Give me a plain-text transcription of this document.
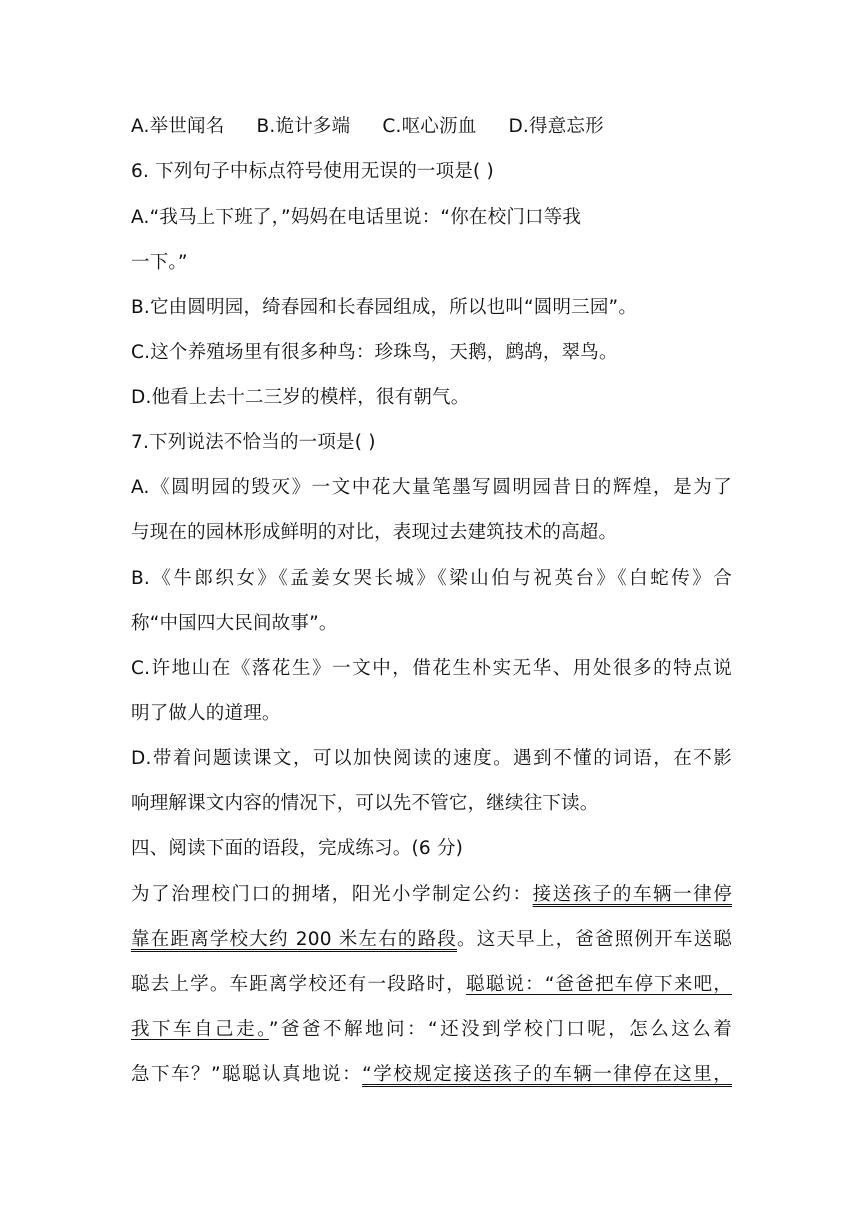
A.举世闻名 B.诡计多端 C.呕心沥血 D.得意忘形
6. 下列句子中标点符号使用无误的一项是( )
A.“我马上下班了，”妈妈在电话里说：“你在校门口等我
一下。”
B.它由圆明园，绮春园和长春园组成，所以也叫“圆明三园”。
C.这个养殖场里有很多种鸟：珍珠鸟，天鹅，鹧鸪，翠鸟。
D.他看上去十二三岁的模样，很有朝气。
7.下列说法不恰当的一项是( )
A.《圆明园的毁灭》一文中花大量笔墨写圆明园昔日的辉煌，是为了
与现在的园林形成鲜明的对比，表现过去建筑技术的高超。
B.《牛郎织女》《孟姜女哭长城》《梁山伯与祝英台》《白蛇传》合
称“中国四大民间故事”。
C.许地山在《落花生》一文中，借花生朴实无华、用处很多的特点说
明了做人的道理。
D.带着问题读课文，可以加快阅读的速度。遇到不懂的词语，在不影
响理解课文内容的情况下，可以先不管它，继续往下读。
四、阅读下面的语段，完成练习。(6 分)
为了治理校门口的拥堵，阳光小学制定公约：接送孩子的车辆一律停
靠在距离学校大约 200 米左右的路段。这天早上，爸爸照例开车送聪
聪去上学。车距离学校还有一段路时，聪聪说：“爸爸把车停下来吧，
我下车自己走。”爸爸不解地问：“还没到学校门口呢，怎么这么着
急下车？”聪聪认真地说：“学校规定接送孩子的车辆一律停在这里，
